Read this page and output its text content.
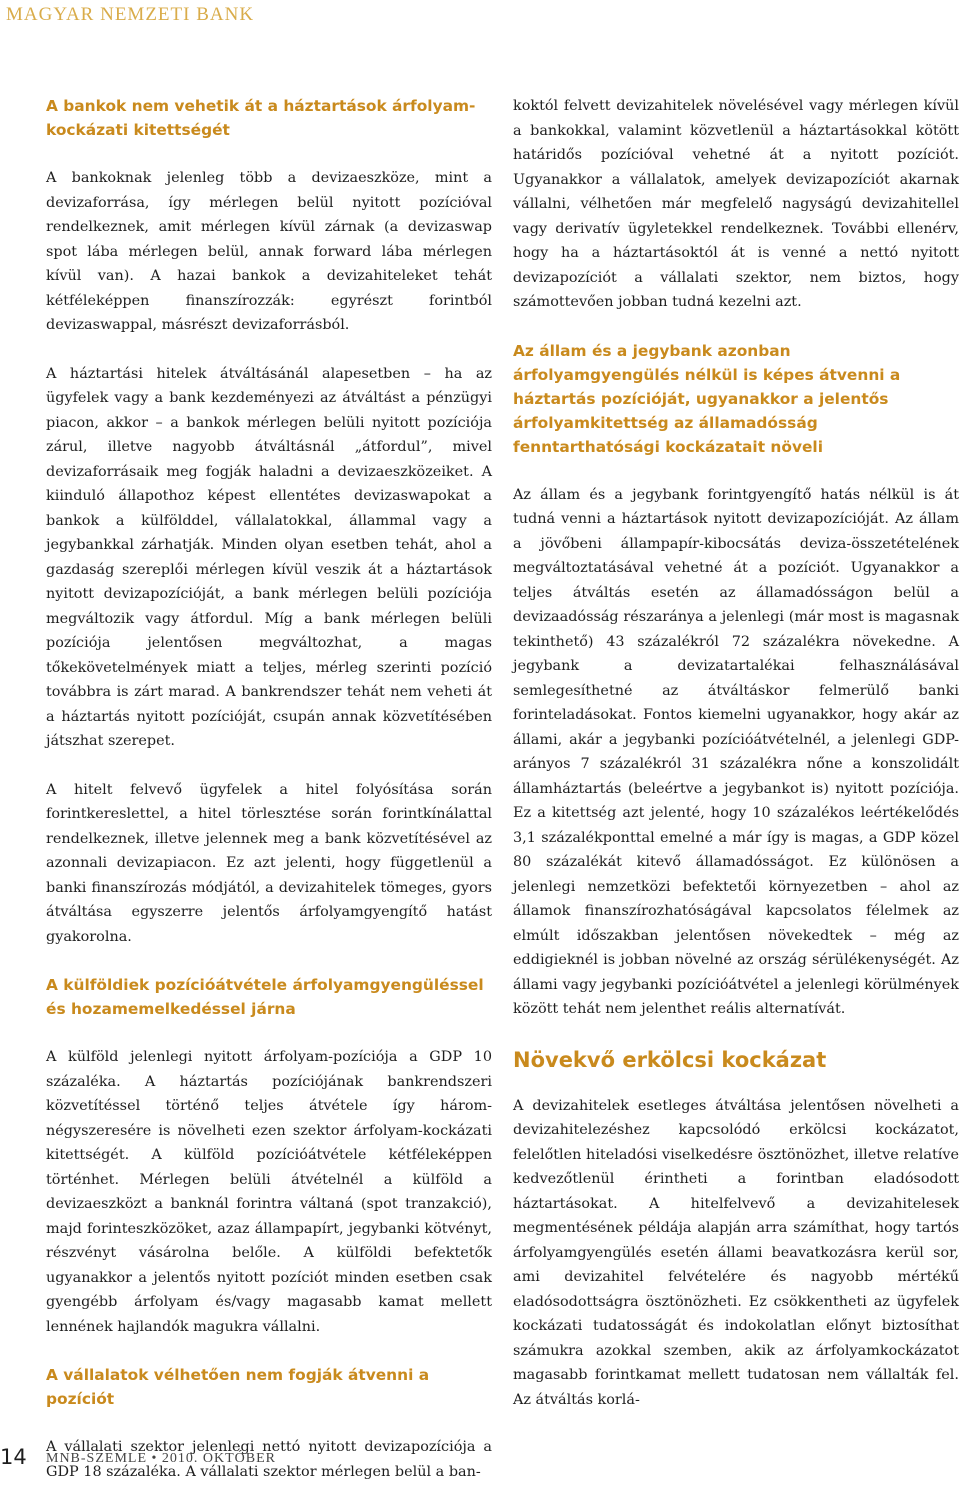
MAGYAR NEMZETI BANK
A bankok nem vehetik át a háztartások árfolyam-kockázati kitettségét
A bankoknak jelenleg több a devizaeszköze, mint a devizaforrása, így mérlegen belül nyitott pozícióval rendelkeznek, amit mérlegen kívül zárnak (a devizaswap spot lába mérlegen belül, annak forward lába mérlegen kívül van). A hazai bankok a devizahiteleket tehát kétféleképpen finanszírozzák: egyrészt forintból devizaswappal, másrészt devizaforrásból.
A háztartási hitelek átváltásánál alapesetben – ha az ügyfelek vagy a bank kezdeményezi az átváltást a pénzügyi piacon, akkor – a bankok mérlegen belüli nyitott pozíciója zárul, illetve nagyobb átváltásnál „átfordul”, mivel devizaforrásaik meg fogják haladni a devizaeszközeiket. A kiinduló állapothoz képest ellentétes devizaswapokat a bankok a külfölddel, vállalatokkal, állammal vagy a jegybankkal zárhatják. Minden olyan esetben tehát, ahol a gazdaság szereplői mérlegen kívül veszik át a háztartások nyitott devizapozícióját, a bank mérlegen belüli pozíciója megváltozik vagy átfordul. Míg a bank mérlegen belüli pozíciója jelentősen megváltozhat, a magas tőkekövetelmények miatt a teljes, mérleg szerinti pozíció továbbra is zárt marad. A bankrendszer tehát nem veheti át a háztartás nyitott pozícióját, csupán annak közvetítésében játszhat szerepet.
A hitelt felvevő ügyfelek a hitel folyósítása során forintkereslettel, a hitel törlesztése során forintkínálattal rendelkeznek, illetve jelennek meg a bank közvetítésével az azonnali devizapiacon. Ez azt jelenti, hogy függetlenül a banki finanszírozás módjától, a devizahitelek tömeges, gyors átváltása egyszerre jelentős árfolyamgyengítő hatást gyakorolna.
A külföldiek pozícióátvétele árfolyamgyengüléssel és hozamemelkedéssel járna
A külföld jelenlegi nyitott árfolyam-pozíciója a GDP 10 százaléka. A háztartás pozíciójának bankrendszeri közvetítéssel történő teljes átvétele így három-négyszeresére is növelheti ezen szektor árfolyam-kockázati kitettségét. A külföld pozícióátvétele kétféleképpen történhet. Mérlegen belüli átvételnél a külföld a devizaeszközt a banknál forintra váltaná (spot tranzakció), majd forinteszközöket, azaz állampapírt, jegybanki kötvényt, részvényt vásárolna belőle. A külföldi befektetők ugyanakkor a jelentős nyitott pozíciót minden esetben csak gyengébb árfolyam és/vagy magasabb kamat mellett lennének hajlandók magukra vállalni.
A vállalatok vélhetően nem fogják átvenni a pozíciót
A vállalati szektor jelenlegi nettó nyitott devizapozíciója a GDP 18 százaléka. A vállalati szektor mérlegen belül a ban-
koktól felvett devizahitelek növelésével vagy mérlegen kívül a bankokkal, valamint közvetlenül a háztartásokkal kötött határidős pozícióval vehetné át a nyitott pozíciót. Ugyanakkor a vállalatok, amelyek devizapozíciót akarnak vállalni, vélhetően már megfelelő nagyságú devizahitellel vagy derivatív ügyletekkel rendelkeznek. További ellenérv, hogy ha a háztartásoktól át is venné a nettó nyitott devizapozíciót a vállalati szektor, nem biztos, hogy számottevően jobban tudná kezelni azt.
Az állam és a jegybank azonban árfolyamgyengülés nélkül is képes átvenni a háztartás pozícióját, ugyanakkor a jelentős árfolyamkitettség az államadósság fenntarthatósági kockázatait növeli
Az állam és a jegybank forintgyengítő hatás nélkül is át tudná venni a háztartások nyitott devizapozícióját. Az állam a jövőbeni állampapír-kibocsátás deviza-összetételének megváltoztatásával vehetné át a pozíciót. Ugyanakkor a teljes átváltás esetén az államadósságon belül a devizaadósság részaránya a jelenlegi (már most is magasnak tekinthető) 43 százalékról 72 százalékra növekedne. A jegybank a devizatartalékai felhasználásával semlegesíthetné az átváltáskor felmerülő banki forinteladásokat. Fontos kiemelni ugyanakkor, hogy akár az állami, akár a jegybanki pozícióátvételnél, a jelenlegi GDP-arányos 7 százalékról 31 százalékra nőne a konszolidált államháztartás (beleértve a jegybankot is) nyitott pozíciója. Ez a kitettség azt jelenté, hogy 10 százalékos leértékelődés 3,1 százalékponttal emelné a már így is magas, a GDP közel 80 százalékát kitevő államadósságot. Ez különösen a jelenlegi nemzetközi befektetői környezetben – ahol az államok finanszírozhatóságával kapcsolatos félelmek az elmúlt időszakban jelentősen növekedtek – még az eddigieknél is jobban növelné az ország sérülékenységét. Az állami vagy jegybanki pozícióátvétel a jelenlegi körülmények között tehát nem jelenthet reális alternatívát.
Növekvő erkölcsi kockázat
A devizahitelek esetleges átváltása jelentősen növelheti a devizahitelezéshez kapcsolódó erkölcsi kockázatot, felelőtlen hiteladósi viselkedésre ösztönözhet, illetve relatíve kedvezőtlenül érintheti a forintban eladósodott háztartásokat. A hitelfelvevő a devizahitelesek megmentésének példája alapján arra számíthat, hogy tartós árfolyamgyengülés esetén állami beavatkozásra kerül sor, ami devizahitel felvételére és nagyobb mértékű eladósodottságra ösztönözheti. Ez csökkentheti az ügyfelek kockázati tudatosságát és indokolatlan előnyt biztosíthat számukra azokkal szemben, akik az árfolyamkockázatot magasabb forintkamat mellett tudatosan nem vállalták fel. Az átváltás korlá-
14 MNB-SZEMLE • 2010. OKTÓBER
